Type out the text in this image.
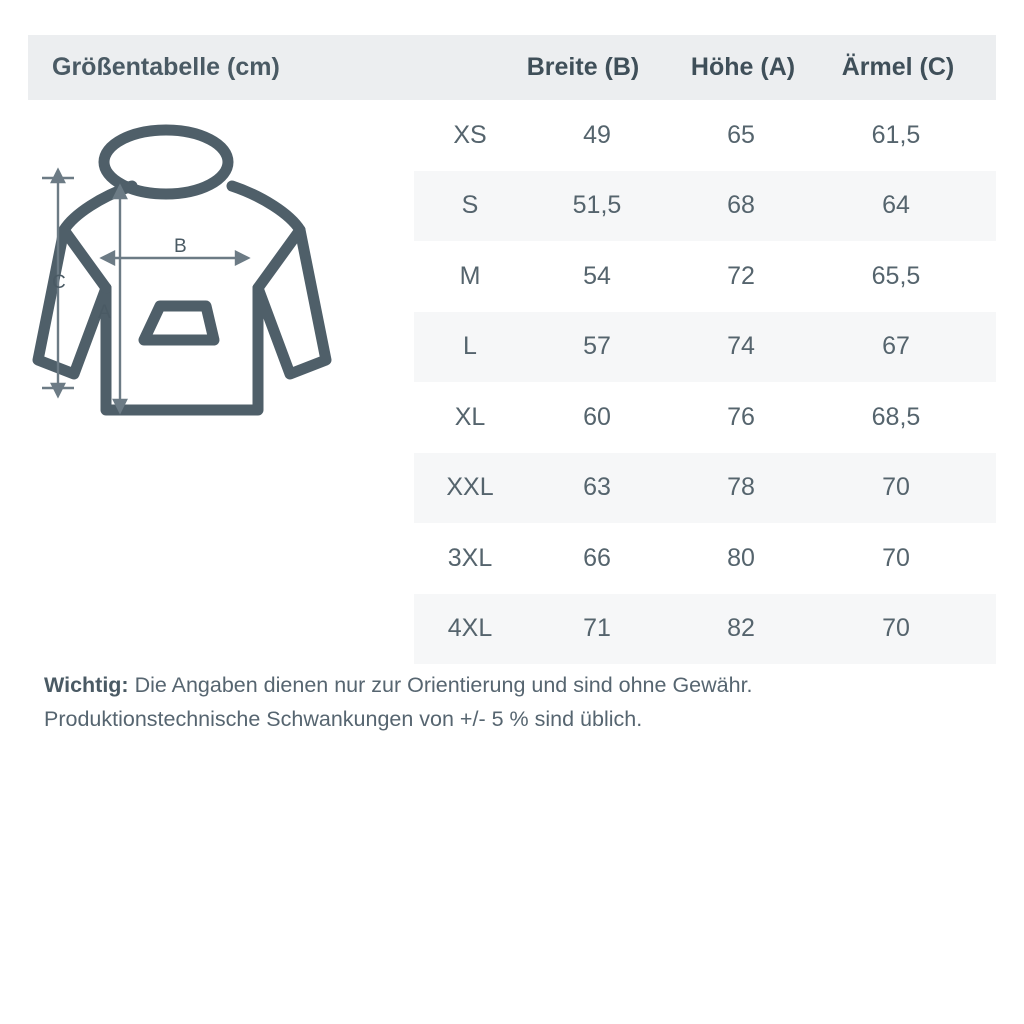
Größentabelle (cm)	Breite (B)	Höhe (A)	Ärmel (C)
C
B
A
XS	49	65	61,5
S	51,5	68	64
M	54	72	65,5
L	57	74	67
XL	60	76	68,5
XXL	63	78	70
3XL	66	80	70
4XL	71	82	70
Wichtig: Die Angaben dienen nur zur Orientierung und sind ohne Gewähr.
Produktionstechnische Schwankungen von +/- 5 % sind üblich.
